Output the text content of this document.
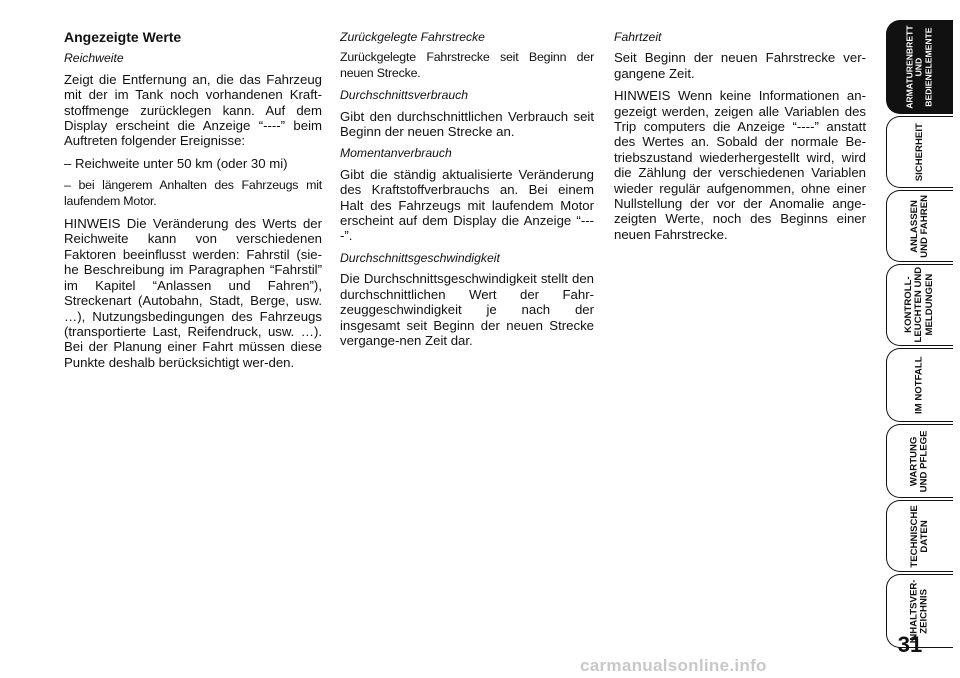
Angezeigte Werte

Reichweite

Zeigt die Entfernung an, die das Fahrzeug mit der im Tank noch vorhandenen Kraft-stoffmenge zurücklegen kann. Auf dem Display erscheint die Anzeige “----” beim Auftreten folgender Ereignisse:

– Reichweite unter 50 km (oder 30 mi)

– bei längerem Anhalten des Fahrzeugs mit laufendem Motor.

HINWEIS Die Veränderung des Werts der Reichweite kann von verschiedenen Faktoren beeinflusst werden: Fahrstil (sie-he Beschreibung im Paragraphen “Fahrstil” im Kapitel “Anlassen und Fahren”), Streckenart (Autobahn, Stadt, Berge, usw. …), Nutzungsbedingungen des Fahrzeugs (transportierte Last, Reifendruck, usw. …). Bei der Planung einer Fahrt müssen diese Punkte deshalb berücksichtigt wer-den.

Zurückgelegte Fahrstrecke

Zurückgelegte Fahrstrecke seit Beginn der neuen Strecke.

Durchschnittsverbrauch

Gibt den durchschnittlichen Verbrauch seit Beginn der neuen Strecke an.

Momentanverbrauch

Gibt die ständig aktualisierte Veränderung des Kraftstoffverbrauchs an. Bei einem Halt des Fahrzeugs mit laufendem Motor erscheint auf dem Display die Anzeige “----”.

Durchschnittsgeschwindigkeit

Die Durchschnittsgeschwindigkeit stellt den durchschnittlichen Wert der Fahr-zeuggeschwindigkeit je nach der insgesamt seit Beginn der neuen Strecke vergange-nen Zeit dar.

Fahrtzeit

Seit Beginn der neuen Fahrstrecke ver-gangene Zeit.

HINWEIS Wenn keine Informationen an-gezeigt werden, zeigen alle Variablen des Trip computers die Anzeige “----” anstatt des Wertes an. Sobald der normale Be-triebszustand wiederhergestellt wird, wird die Zählung der verschiedenen Variablen wieder regulär aufgenommen, ohne einer Nullstellung der vor der Anomalie ange-zeigten Werte, noch des Beginns einer neuen Fahrstrecke.

ARMATURENBRETT
UND
BEDIENELEMENTE
SICHERHEIT
ANLASSEN
UND FAHREN
KONTROLL-
LEUCHTEN UND
MELDUNGEN
IM NOTFALL
WARTUNG
UND PFLEGE
TECHNISCHE
DATEN
INHALTSVER-
ZEICHNIS
31
carmanualsonline.info
